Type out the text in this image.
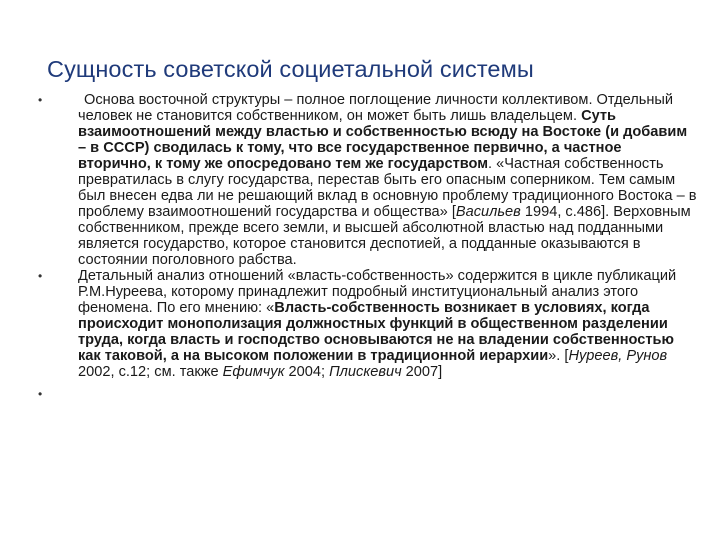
Сущность советской социетальной системы
•	Основа восточной структуры – полное поглощение личности коллективом. Отдельный человек не становится собственником, он может быть лишь владельцем. Суть взаимоотношений между властью и собственностью всюду на Востоке (и добавим – в СССР) сводилась к тому, что все государственное первично, а частное вторично, к тому же опосредовано тем же государством. «Частная собственность превратилась в слугу государства, перестав быть его опасным соперником. Тем самым был внесен едва ли не решающий вклад в основную проблему традиционного Востока – в проблему взаимоотношений государства и общества» [Васильев 1994, с.486]. Верховным собственником, прежде всего земли, и высшей абсолютной властью над подданными является государство, которое становится деспотией, а подданные оказываются в состоянии поголовного рабства.
•	Детальный анализ отношений «власть-собственность» содержится в цикле публикаций Р.М.Нуреева, которому принадлежит подробный институциональный анализ этого феномена. По его мнению: «Власть-собственность возникает в условиях, когда происходит монополизация должностных функций в общественном разделении труда, когда власть и господство основываются не на владении собственностью как таковой, а на высоком положении в традиционной иерархии». [Нуреев, Рунов 2002, с.12; см. также Ефимчук 2004; Плискевич 2007]
•
